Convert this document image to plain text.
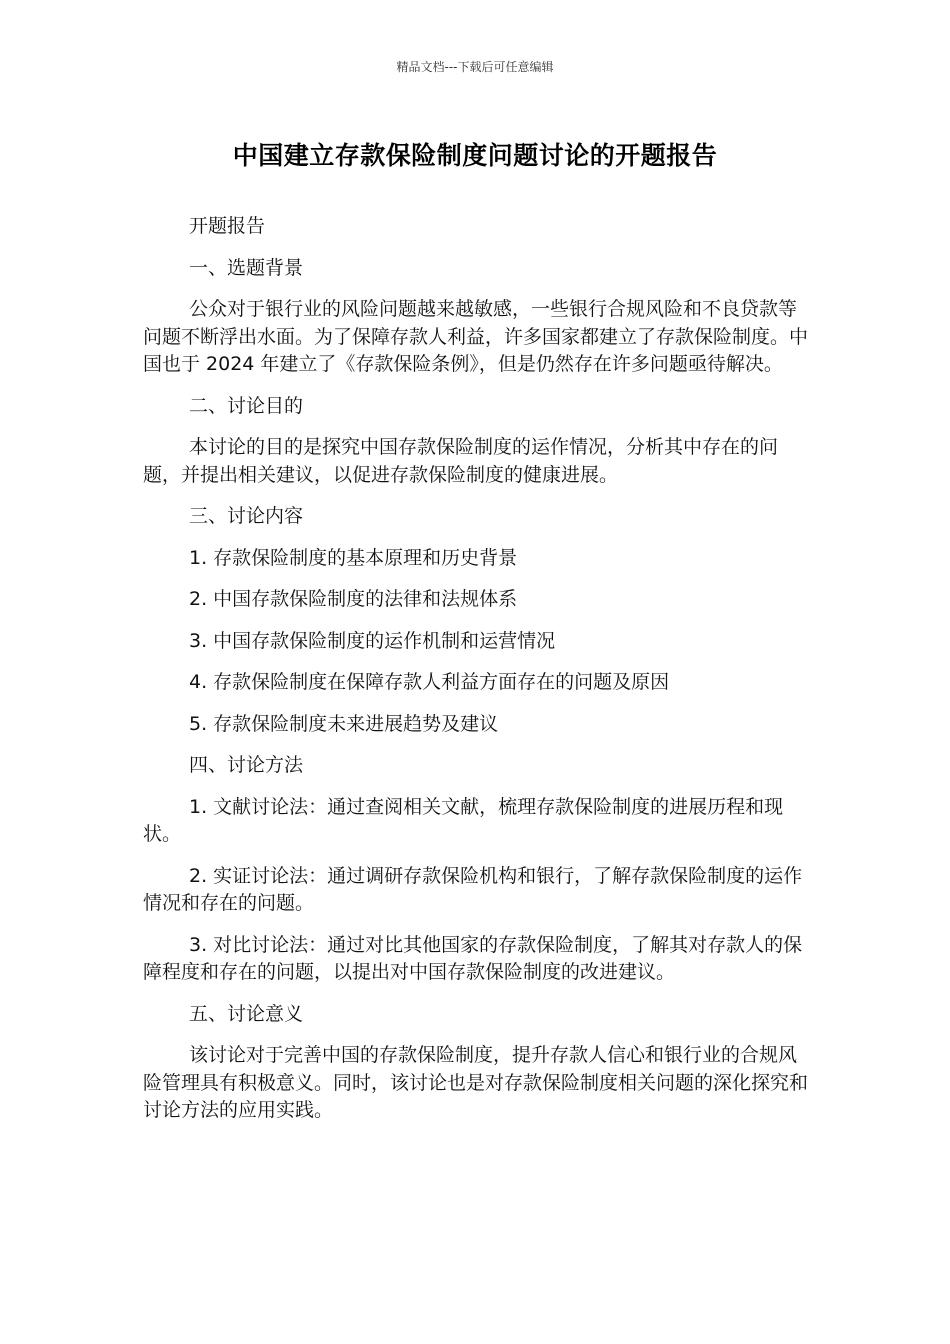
精品文档---下载后可任意编辑
中国建立存款保险制度问题讨论的开题报告

开题报告

一、选题背景

公众对于银行业的风险问题越来越敏感，一些银行合规风险和不良贷款等问题不断浮出水面。为了保障存款人利益，许多国家都建立了存款保险制度。中国也于 2024 年建立了《存款保险条例》，但是仍然存在许多问题亟待解决。

二、讨论目的

本讨论的目的是探究中国存款保险制度的运作情况，分析其中存在的问题，并提出相关建议，以促进存款保险制度的健康进展。

三、讨论内容

1. 存款保险制度的基本原理和历史背景

2. 中国存款保险制度的法律和法规体系

3. 中国存款保险制度的运作机制和运营情况

4. 存款保险制度在保障存款人利益方面存在的问题及原因

5. 存款保险制度未来进展趋势及建议

四、讨论方法

1. 文献讨论法：通过查阅相关文献，梳理存款保险制度的进展历程和现状。

2. 实证讨论法：通过调研存款保险机构和银行，了解存款保险制度的运作情况和存在的问题。

3. 对比讨论法：通过对比其他国家的存款保险制度，了解其对存款人的保障程度和存在的问题，以提出对中国存款保险制度的改进建议。

五、讨论意义

该讨论对于完善中国的存款保险制度，提升存款人信心和银行业的合规风险管理具有积极意义。同时，该讨论也是对存款保险制度相关问题的深化探究和讨论方法的应用实践。
